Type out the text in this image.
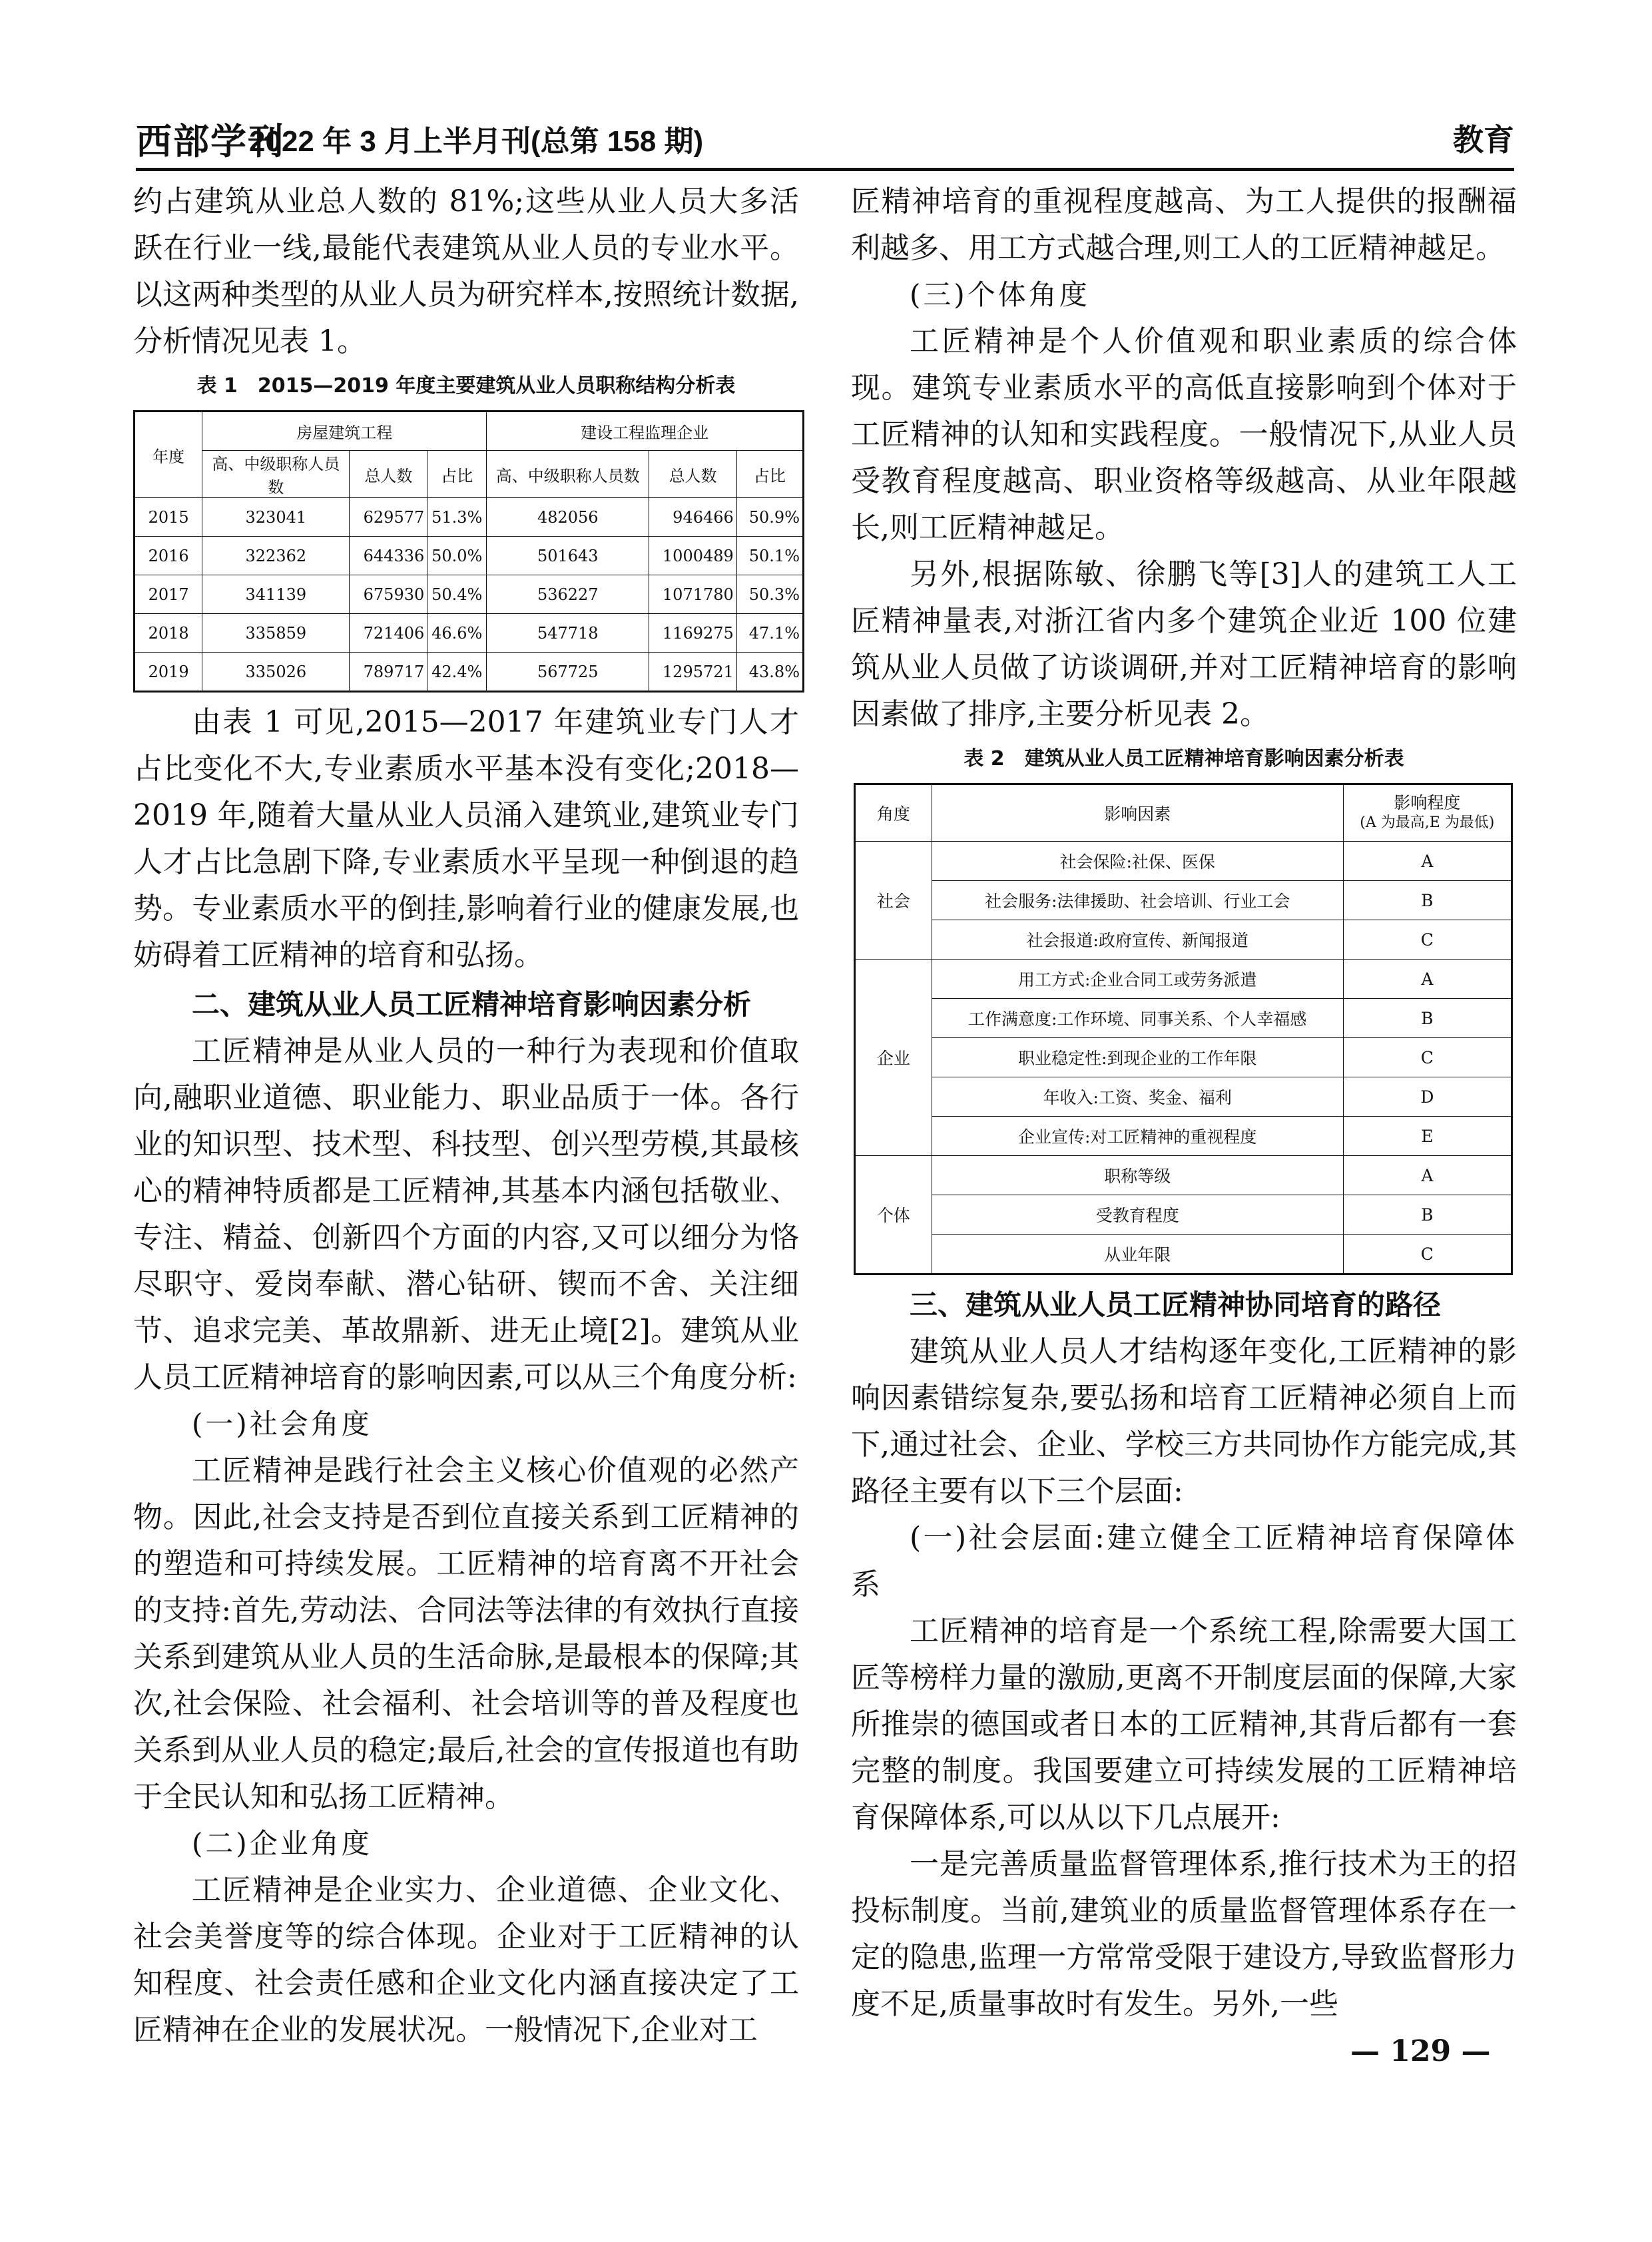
西部学刊
2022 年 3 月上半月刊(总第 158 期)	教育

约占建筑从业总人数的 81%;这些从业人员大多活跃在行业一线,最能代表建筑从业人员的专业水平。以这两种类型的从业人员为研究样本,按照统计数据,分析情况见表 1。

表 1　2015—2019 年度主要建筑从业人员职称结构分析表
年度	房屋建筑工程			建设工程监理企业		
	高、中级职称人员数	总人数	占比	高、中级职称人员数	总人数	占比
2015	323041	629577	51.3%	482056	946466	50.9%
2016	322362	644336	50.0%	501643	1000489	50.1%
2017	341139	675930	50.4%	536227	1071780	50.3%
2018	335859	721406	46.6%	547718	1169275	47.1%
2019	335026	789717	42.4%	567725	1295721	43.8%

由表 1 可见,2015—2017 年建筑业专门人才占比变化不大,专业素质水平基本没有变化;2018—2019 年,随着大量从业人员涌入建筑业,建筑业专门人才占比急剧下降,专业素质水平呈现一种倒退的趋势。专业素质水平的倒挂,影响着行业的健康发展,也妨碍着工匠精神的培育和弘扬。

二、建筑从业人员工匠精神培育影响因素分析

工匠精神是从业人员的一种行为表现和价值取向,融职业道德、职业能力、职业品质于一体。各行业的知识型、技术型、科技型、创兴型劳模,其最核心的精神特质都是工匠精神,其基本内涵包括敬业、专注、精益、创新四个方面的内容,又可以细分为恪尽职守、爱岗奉献、潜心钻研、锲而不舍、关注细节、追求完美、革故鼎新、进无止境[2]。建筑从业人员工匠精神培育的影响因素,可以从三个角度分析:

(一)社会角度

工匠精神是践行社会主义核心价值观的必然产物。因此,社会支持是否到位直接关系到工匠精神的的塑造和可持续发展。工匠精神的培育离不开社会的支持:首先,劳动法、合同法等法律的有效执行直接关系到建筑从业人员的生活命脉,是最根本的保障;其次,社会保险、社会福利、社会培训等的普及程度也关系到从业人员的稳定;最后,社会的宣传报道也有助于全民认知和弘扬工匠精神。

(二)企业角度

工匠精神是企业实力、企业道德、企业文化、社会美誉度等的综合体现。企业对于工匠精神的认知程度、社会责任感和企业文化内涵直接决定了工匠精神在企业的发展状况。一般情况下,企业对工

匠精神培育的重视程度越高、为工人提供的报酬福利越多、用工方式越合理,则工人的工匠精神越足。

(三)个体角度

工匠精神是个人价值观和职业素质的综合体现。建筑专业素质水平的高低直接影响到个体对于工匠精神的认知和实践程度。一般情况下,从业人员受教育程度越高、职业资格等级越高、从业年限越长,则工匠精神越足。

另外,根据陈敏、徐鹏飞等[3]人的建筑工人工匠精神量表,对浙江省内多个建筑企业近 100 位建筑从业人员做了访谈调研,并对工匠精神培育的影响因素做了排序,主要分析见表 2。

表 2　建筑从业人员工匠精神培育影响因素分析表
角度	影响因素	影响程度
(A 为最高,E 为最低)

社会	社会保险:社保、医保	A
	社会服务:法律援助、社会培训、行业工会	B
	社会报道:政府宣传、新闻报道	C
企业	用工方式:企业合同工或劳务派遣	A
	工作满意度:工作环境、同事关系、个人幸福感	B
	职业稳定性:到现企业的工作年限	C
	年收入:工资、奖金、福利	D
	企业宣传:对工匠精神的重视程度	E
个体	职称等级	A
	受教育程度	B
	从业年限	C
三、建筑从业人员工匠精神协同培育的路径

建筑从业人员人才结构逐年变化,工匠精神的影响因素错综复杂,要弘扬和培育工匠精神必须自上而下,通过社会、企业、学校三方共同协作方能完成,其路径主要有以下三个层面:

(一)社会层面:建立健全工匠精神培育保障体系

工匠精神的培育是一个系统工程,除需要大国工匠等榜样力量的激励,更离不开制度层面的保障,大家所推崇的德国或者日本的工匠精神,其背后都有一套完整的制度。我国要建立可持续发展的工匠精神培育保障体系,可以从以下几点展开:

一是完善质量监督管理体系,推行技术为王的招投标制度。当前,建筑业的质量监督管理体系存在一定的隐患,监理一方常常受限于建设方,导致监督形力度不足,质量事故时有发生。另外,一些

— 129 —
